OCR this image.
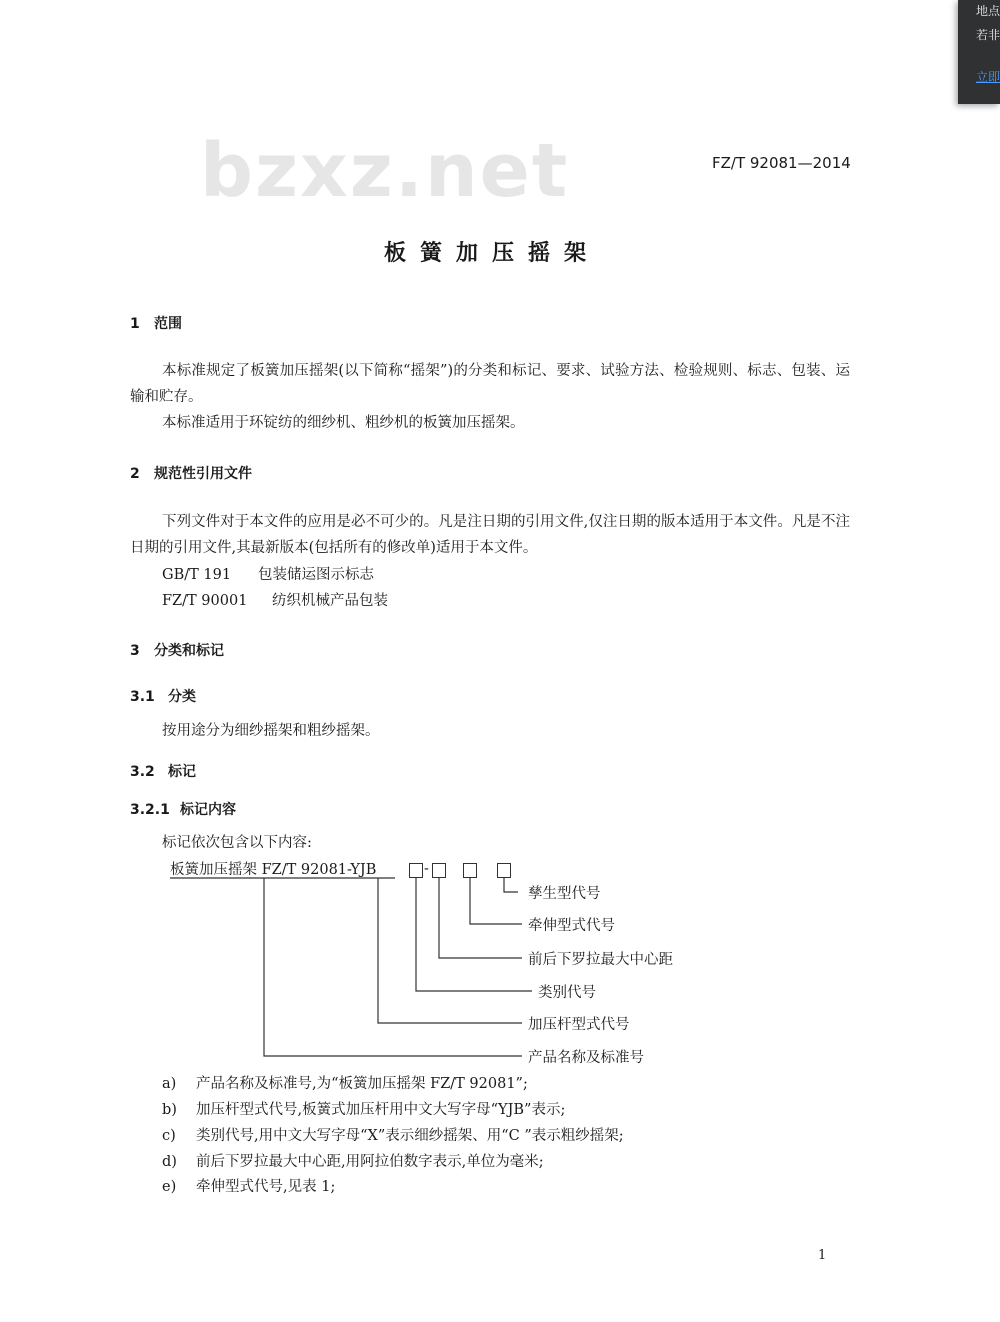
地点
若非
立即
bzxz.net	FZ/T 92081—2014
板簧加压摇架
1 范围
本标准规定了板簧加压摇架(以下简称“摇架”)的分类和标记、要求、试验方法、检验规则、标志、包装、运输和贮存。
本标准适用于环锭纺的细纱机、粗纱机的板簧加压摇架。
2 规范性引用文件
下列文件对于本文件的应用是必不可少的。凡是注日期的引用文件,仅注日期的版本适用于本文件。凡是不注日期的引用文件,其最新版本(包括所有的修改单)适用于本文件。
GB/T 191 包装储运图示标志
FZ/T 90001 纺织机械产品包装
3 分类和标记
3.1 分类
按用途分为细纱摇架和粗纱摇架。
3.2 标记
3.2.1 标记内容
标记依次包含以下内容:
板簧加压摇架 FZ/T 92081-YJB	-
孳生型代号
牵伸型式代号
前后下罗拉最大中心距
类别代号
加压杆型式代号
产品名称及标准号
a) 产品名称及标准号,为“板簧加压摇架 FZ/T 92081”;
b) 加压杆型式代号,板簧式加压杆用中文大写字母“YJB”表示;
c) 类别代号,用中文大写字母“X”表示细纱摇架、用“C ”表示粗纱摇架;
d) 前后下罗拉最大中心距,用阿拉伯数字表示,单位为毫米;
e) 牵伸型式代号,见表 1;
1
